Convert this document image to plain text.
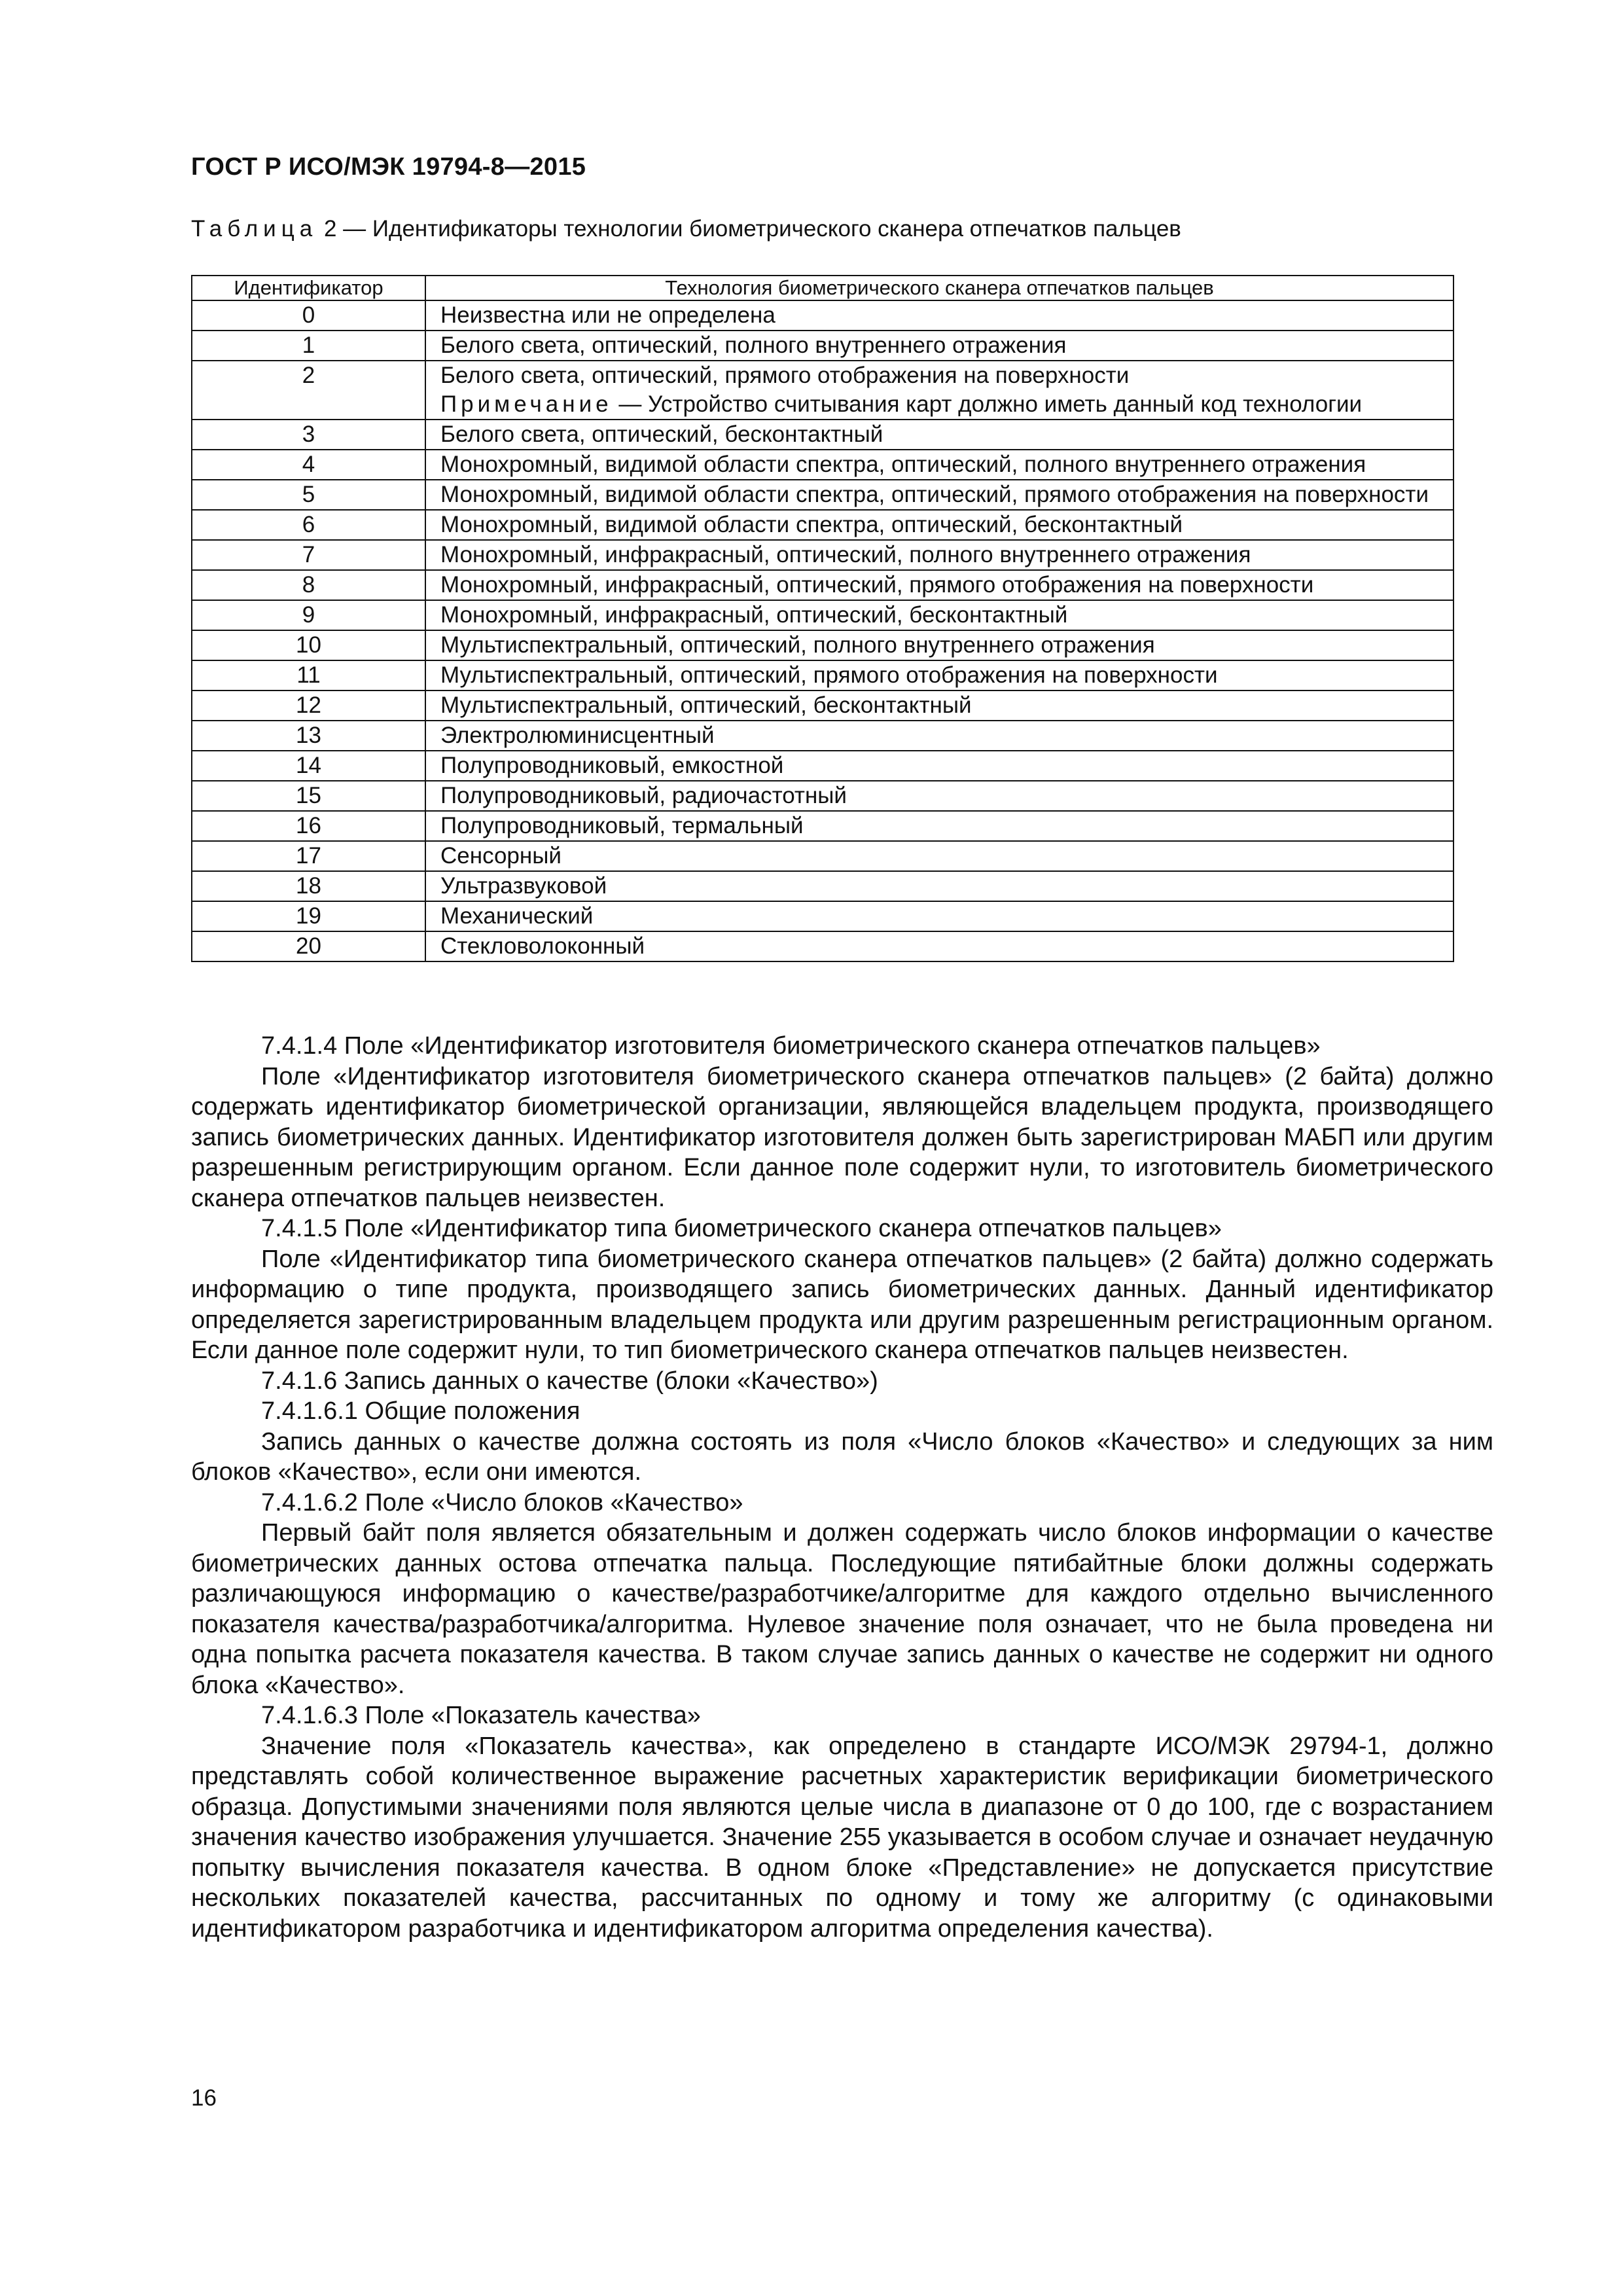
ГОСТ Р ИСО/МЭК 19794-8—2015
Таблица 2 — Идентификаторы технологии биометрического сканера отпечатков пальцев
Идентификатор	Технология биометрического сканера отпечатков пальцев
0	Неизвестна или не определена
1	Белого света, оптический, полного внутреннего отражения
2	Белого света, оптический, прямого отображения на поверхности
Примечание — Устройство считывания карт должно иметь данный код технологии

3	Белого света, оптический, бесконтактный
4	Монохромный, видимой области спектра, оптический, полного внутреннего отражения
5	Монохромный, видимой области спектра, оптический, прямого отображения на поверхности
6	Монохромный, видимой области спектра, оптический, бесконтактный
7	Монохромный, инфракрасный, оптический, полного внутреннего отражения
8	Монохромный, инфракрасный, оптический, прямого отображения на поверхности
9	Монохромный, инфракрасный, оптический, бесконтактный
10	Мультиспектральный, оптический, полного внутреннего отражения
11	Мультиспектральный, оптический, прямого отображения на поверхности
12	Мультиспектральный, оптический, бесконтактный
13	Электролюминисцентный
14	Полупроводниковый, емкостной
15	Полупроводниковый, радиочастотный
16	Полупроводниковый, термальный
17	Сенсорный
18	Ультразвуковой
19	Механический
20	Стекловолоконный

7.4.1.4 Поле «Идентификатор изготовителя биометрического сканера отпечатков пальцев»

Поле «Идентификатор изготовителя биометрического сканера отпечатков пальцев» (2 байта) должно содержать идентификатор биометрической организации, являющейся владельцем продукта, производящего запись биометрических данных. Идентификатор изготовителя должен быть зарегистрирован МАБП или другим разрешенным регистрирующим органом. Если данное поле содержит нули, то изготовитель биометрического сканера отпечатков пальцев неизвестен.

7.4.1.5 Поле «Идентификатор типа биометрического сканера отпечатков пальцев»

Поле «Идентификатор типа биометрического сканера отпечатков пальцев» (2 байта) должно содержать информацию о типе продукта, производящего запись биометрических данных. Данный идентификатор определяется зарегистрированным владельцем продукта или другим разрешенным регистрационным органом. Если данное поле содержит нули, то тип биометрического сканера отпечатков пальцев неизвестен.

7.4.1.6 Запись данных о качестве (блоки «Качество»)

7.4.1.6.1 Общие положения

Запись данных о качестве должна состоять из поля «Число блоков «Качество» и следующих за ним блоков «Качество», если они имеются.

7.4.1.6.2 Поле «Число блоков «Качество»

Первый байт поля является обязательным и должен содержать число блоков информации о качестве биометрических данных остова отпечатка пальца. Последующие пятибайтные блоки должны содержать различающуюся информацию о качестве/разработчике/алгоритме для каждого отдельно вычисленного показателя качества/разработчика/алгоритма. Нулевое значение поля означает, что не была проведена ни одна попытка расчета показателя качества. В таком случае запись данных о качестве не содержит ни одного блока «Качество».

7.4.1.6.3 Поле «Показатель качества»

Значение поля «Показатель качества», как определено в стандарте ИСО/МЭК 29794-1, должно представлять собой количественное выражение расчетных характеристик верификации биометрического образца. Допустимыми значениями поля являются целые числа в диапазоне от 0 до 100, где с возрастанием значения качество изображения улучшается. Значение 255 указывается в особом случае и означает неудачную попытку вычисления показателя качества. В одном блоке «Представление» не допускается присутствие нескольких показателей качества, рассчитанных по одному и тому же алгоритму (с одинаковыми идентификатором разработчика и идентификатором алгоритма определения качества).

16
